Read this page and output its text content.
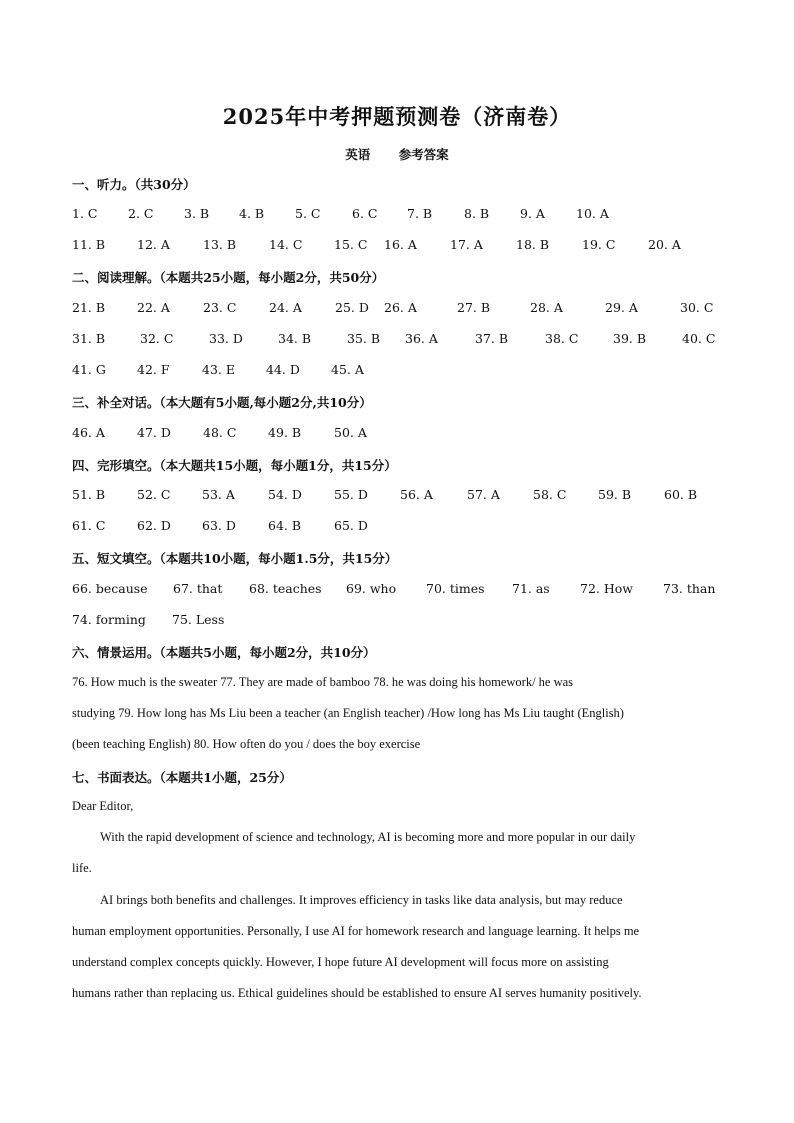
2025年中考押题预测卷（济南卷）
英语 参考答案
一、听力。（共30分）
1. C 2. C 3. B 4. B 5. C	6. C 7. B	8. B 9. A 10. A
11. B	12. A	13. B	14. C	15. C 16. A	17. A	18. B	19. C	20. A
二、阅读理解。（本题共25小题，每小题2分，共50分）
21. B	22. A	23. C	24. A	25. D 26. A	27. B	28. A	29. A	30. C
31. B	32. C	33. D	34. B	35. B 36. A	37. B	38. C	39. B	40. C
41. G 42. F	43. E 44. D 45. A
三、补全对话。（本大题有5小题,每小题2分,共10分）
46. A	47. D	48. C	49. B	50. A
四、完形填空。（本大题共15小题，每小题1分，共15分）
51. B	52. C	53. A	54. D	55. D	56. A	57. A	58. C	59. B	60. B
61. C	62. D 63. D	64. B	65. D
五、短文填空。（本题共10小题，每小题1.5分，共15分）
66. because 67. that 68. teaches 69. who 70. times 71. as 72. How 73. than
74. forming 75. Less
六、情景运用。（本题共5小题，每小题2分，共10分）
76. How much is the sweater 77. They are made of bamboo 78. he was doing his homework/ he was
studying 79. How long has Ms Liu been a teacher (an English teacher) /How long has Ms Liu taught (English)
(been teaching English) 80. How often do you / does the boy exercise
七、书面表达。（本题共1小题，25分）
Dear Editor,
With the rapid development of science and technology, AI is becoming more and more popular in our daily
life.
AI brings both benefits and challenges. It improves efficiency in tasks like data analysis, but may reduce
human employment opportunities. Personally, I use AI for homework research and language learning. It helps me
understand complex concepts quickly. However, I hope future AI development will focus more on assisting
humans rather than replacing us. Ethical guidelines should be established to ensure AI serves humanity positively.
